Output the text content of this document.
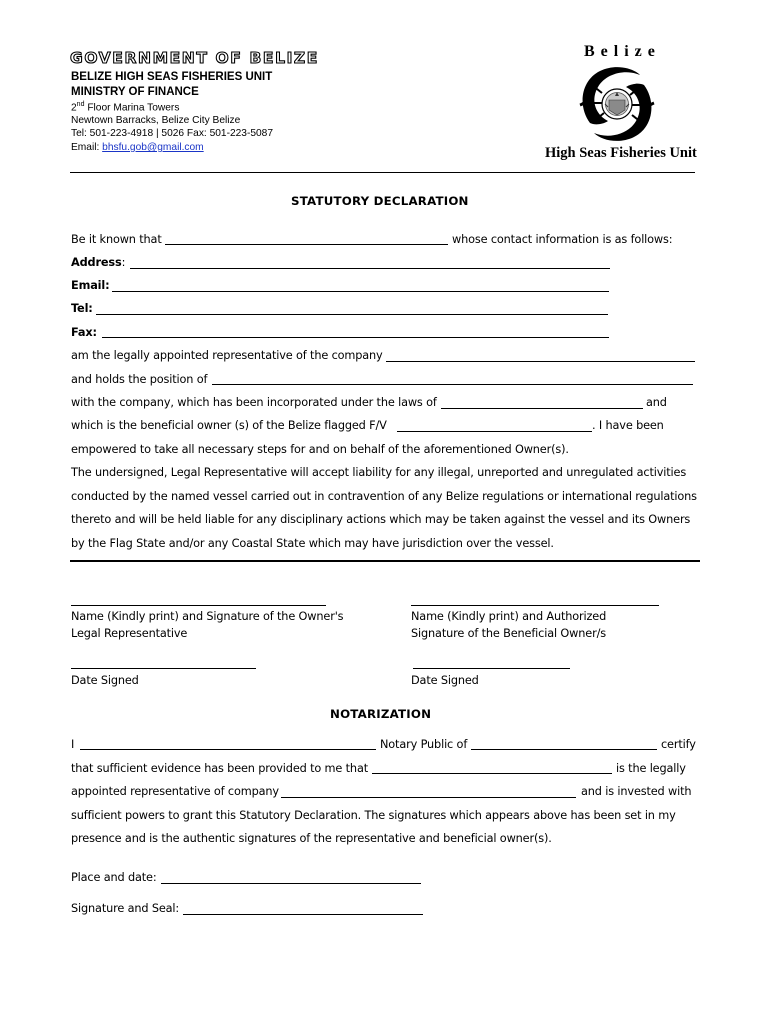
GOVERNMENT OF BELIZE
BELIZE HIGH SEAS FISHERIES UNIT
MINISTRY OF FINANCE
2nd Floor Marina Towers
Newtown Barracks, Belize City Belize
Tel: 501-223-4918 | 5026 Fax: 501-223-5087
Email: bhsfu.gob@gmail.com
Belize
High Seas Fisheries Unit
STATUTORY DECLARATION
Be it known that	whose contact information is as follows:
Address:
Email:
Tel:
Fax:
am the legally appointed representative of the company
and holds the position of
with the company, which has been incorporated under the laws of	and
which is the beneficial owner (s) of the Belize flagged F/V	. I have been
empowered to take all necessary steps for and on behalf of the aforementioned Owner(s).
The undersigned, Legal Representative will accept liability for any illegal, unreported and unregulated activities
conducted by the named vessel carried out in contravention of any Belize regulations or international regulations
thereto and will be held liable for any disciplinary actions which may be taken against the vessel and its Owners
by the Flag State and/or any Coastal State which may have jurisdiction over the vessel.
Name (Kindly print) and Signature of the Owner's
Legal Representative
Name (Kindly print) and Authorized
Signature of the Beneficial Owner/s
Date Signed	Date Signed
NOTARIZATION
I	Notary Public of	certify
that sufficient evidence has been provided to me that	is the legally
appointed representative of company	and is invested with
sufficient powers to grant this Statutory Declaration. The signatures which appears above has been set in my
presence and is the authentic signatures of the representative and beneficial owner(s).
Place and date:
Signature and Seal:
